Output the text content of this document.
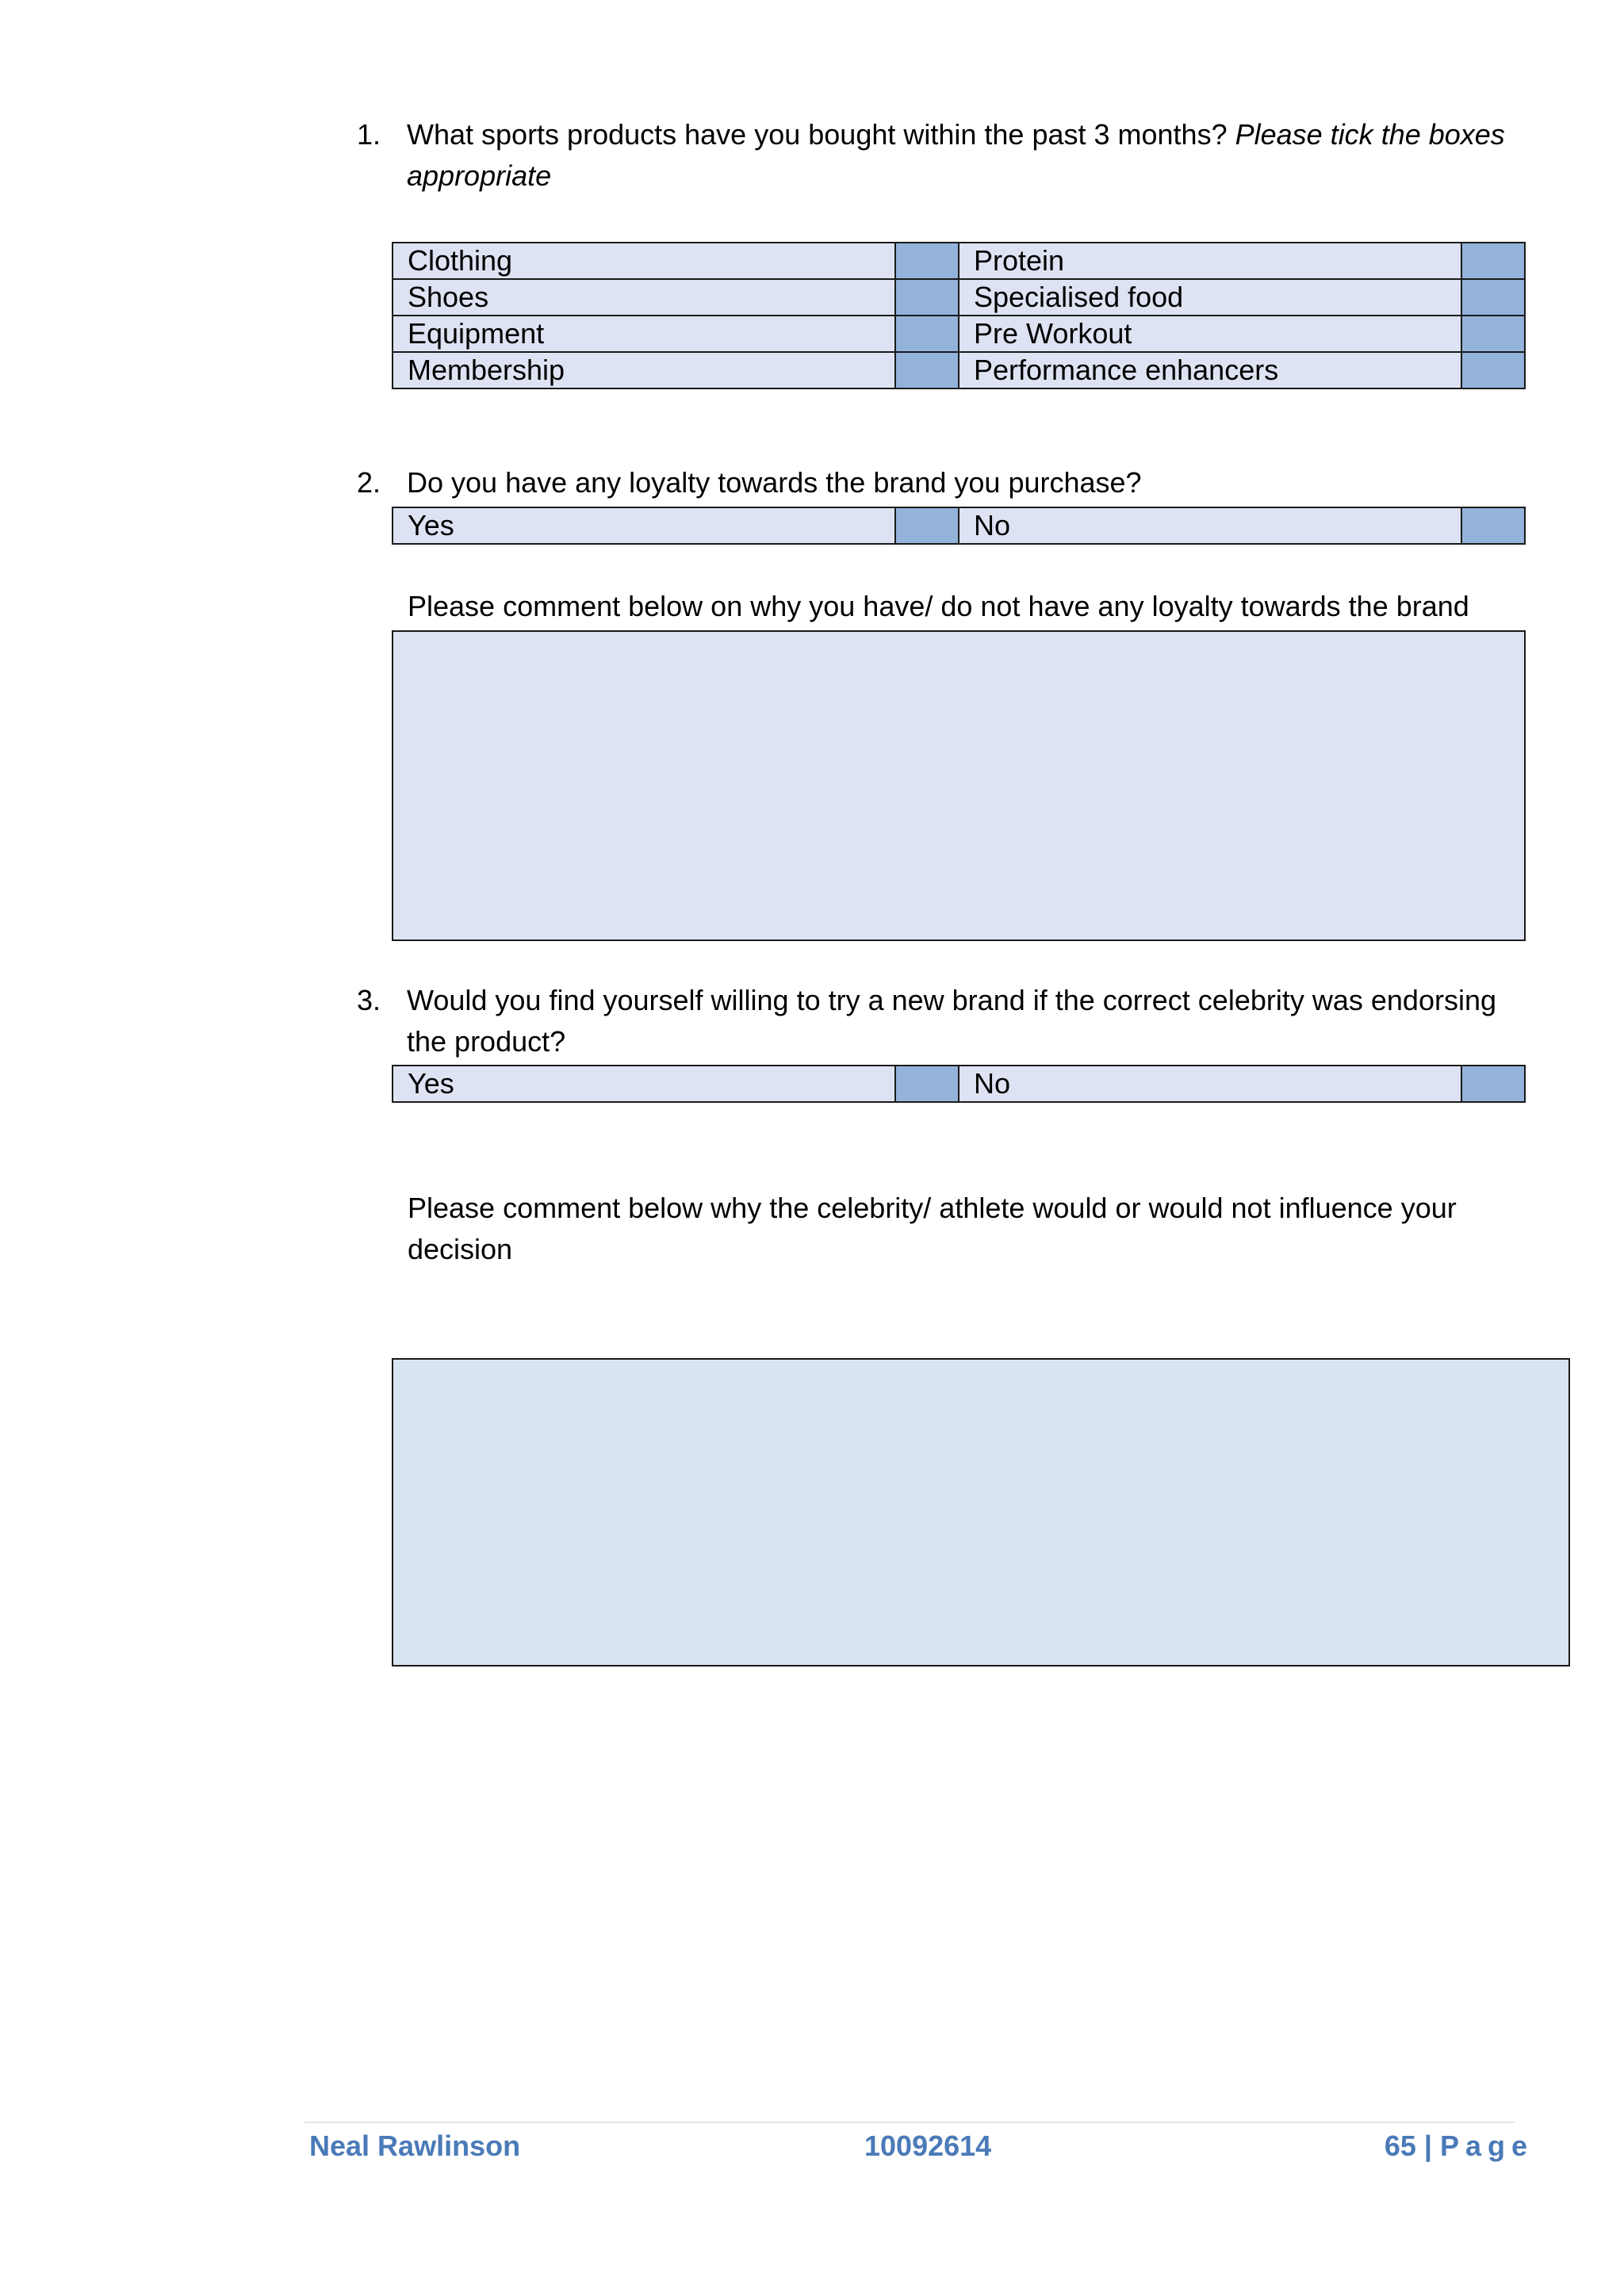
1. What sports products have you bought within the past 3 months? Please tick the boxes
appropriate
Clothing		Protein	
Shoes		Specialised food	
Equipment		Pre Workout	
Membership		Performance enhancers	
2. Do you have any loyalty towards the brand you purchase?
Yes		No	
Please comment below on why you have/ do not have any loyalty towards the brand
3. Would you find yourself willing to try a new brand if the correct celebrity was endorsing
the product?
Yes		No	
Please comment below why the celebrity/ athlete would or would not influence your
decision
Neal Rawlinson	10092614	65 | Page
